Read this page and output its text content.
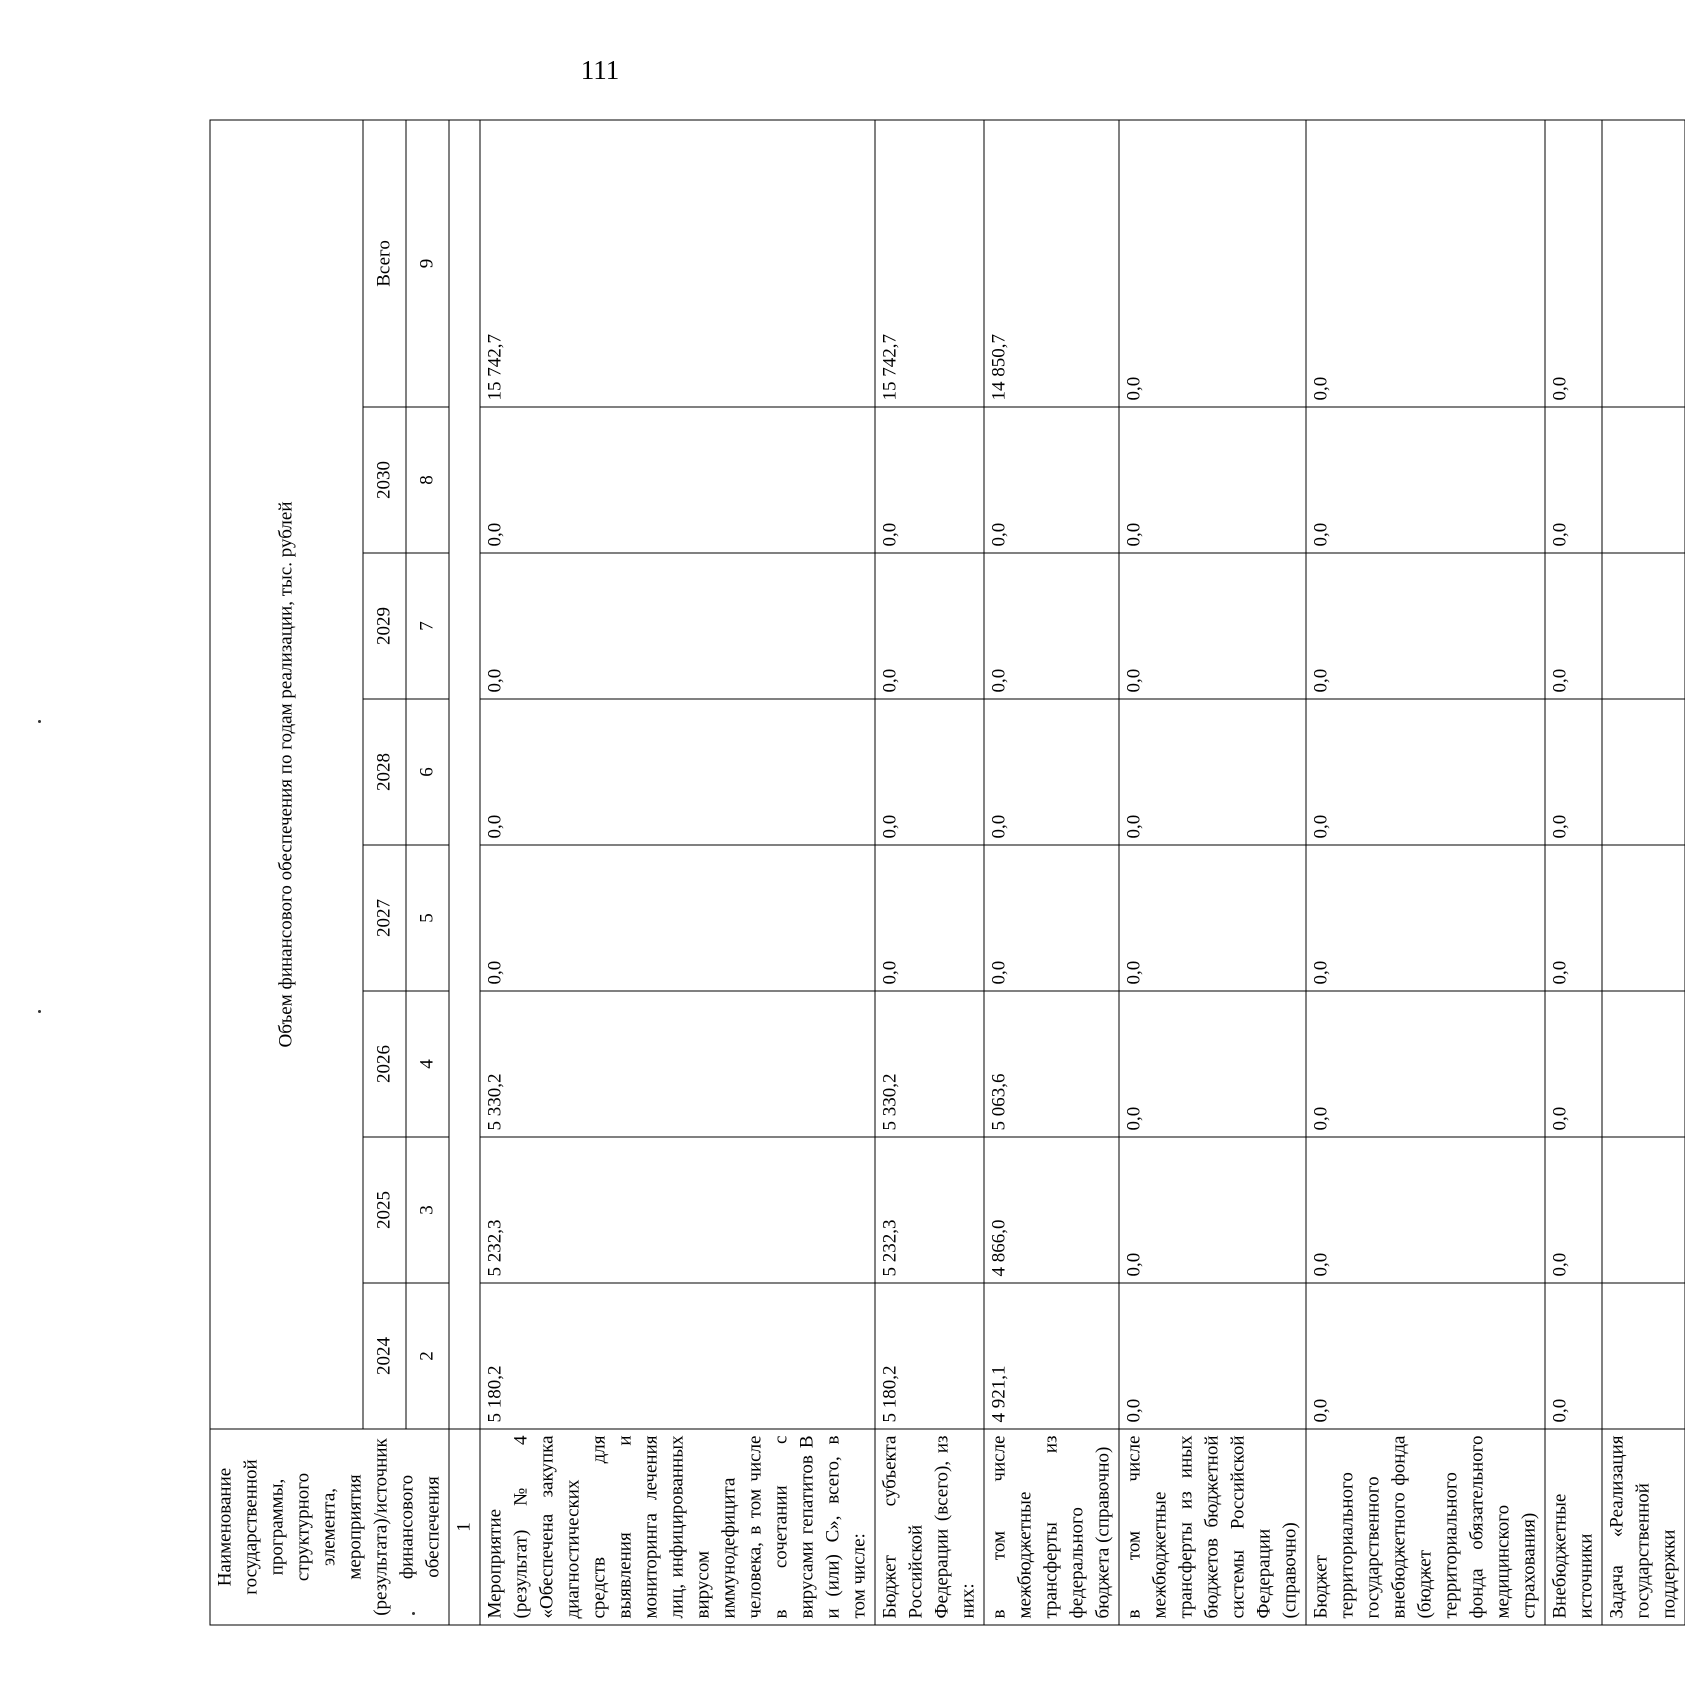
111
Наименование государственной программы, структурного элемента, мероприятия (результата)/источник финансового обеспечения	Объем финансового обеспечения по годам реализации, тыс. рублей							
	2024	2025	2026	2027	2028	2029	2030	Всего
	2	3	4	5	6	7	8	9
1								
Мероприятие (результат) № 4 «Обеспечена закупка диагностических средств для выявления и мониторинга лечения лиц, инфицированных вирусом иммунодефицита человека, в том числе в сочетании с вирусами гепатитов B и (или) C», всего, в том числе:	5 180,2	5 232,3	5 330,2	0,0	0,0	0,0	0,0	15 742,7
Бюджет субъекта Российской Федерации (всего), из них:	5 180,2	5 232,3	5 330,2	0,0	0,0	0,0	0,0	15 742,7
в том числе межбюджетные трансферты из федерального бюджета (справочно)	4 921,1	4 866,0	5 063,6	0,0	0,0	0,0	0,0	14 850,7
в том числе межбюджетные трансферты из иных бюджетов бюджетной системы Российской Федерации (справочно)	0,0	0,0	0,0	0,0	0,0	0,0	0,0	0,0
Бюджет территориального государственного внебюджетного фонда (бюджет территориального фонда обязательного медицинского страхования)	0,0	0,0	0,0	0,0	0,0	0,0	0,0	0,0
Внебюджетные источники	0,0	0,0	0,0	0,0	0,0	0,0	0,0	0,0
Задача «Реализация государственной поддержки								
